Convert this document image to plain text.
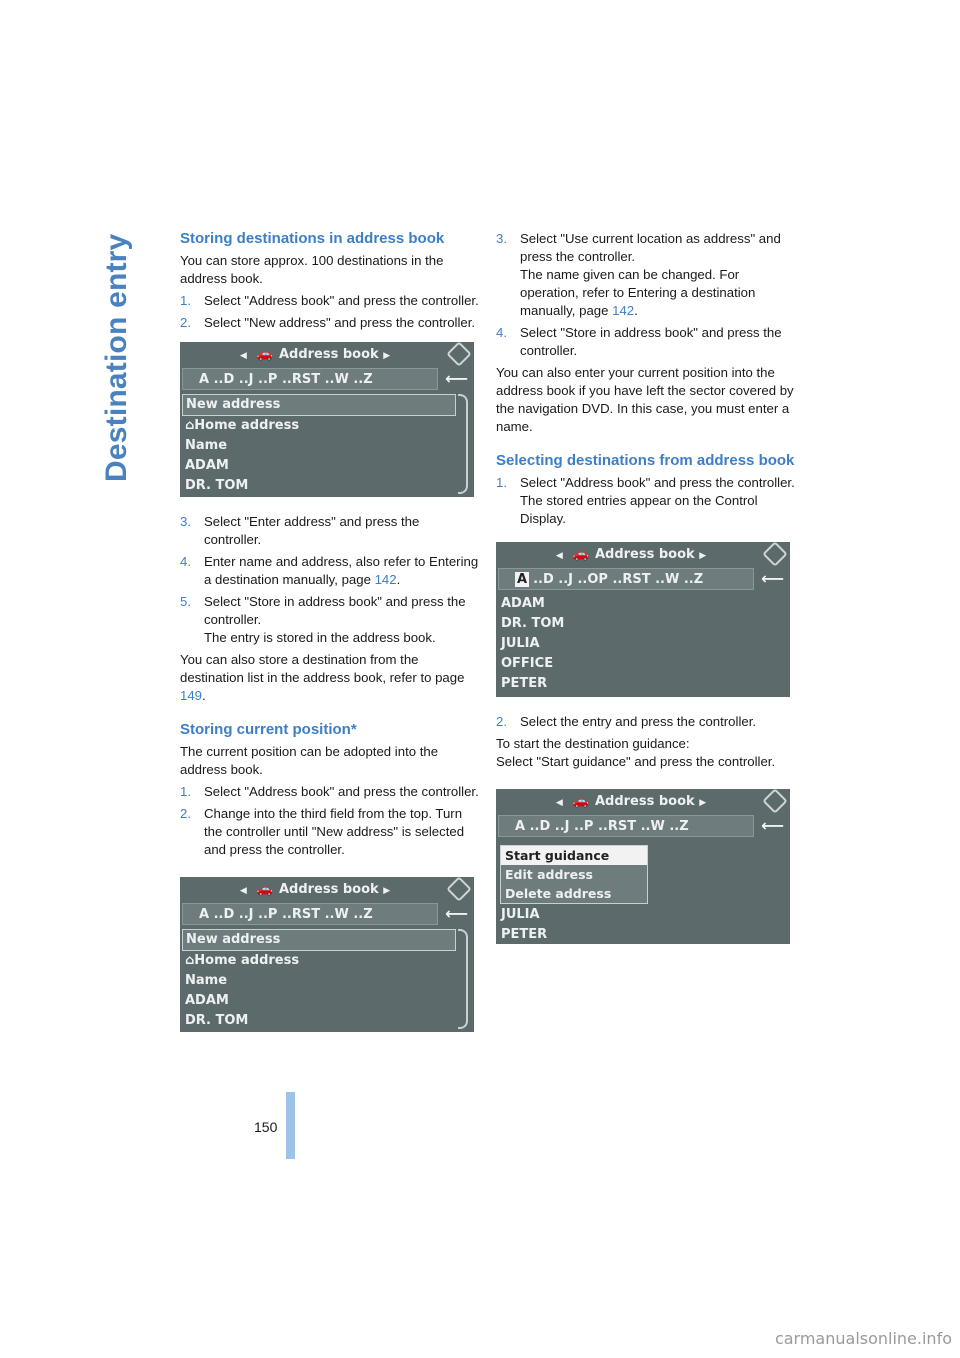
Destination entry	Storing destinations in address book

You can store approx. 100 destinations in the address book.

1. Select "Address book" and press the controller.
2. Select "New address" and press the controller.
◀ 🚗 Address book ▶
A ..D ..J ..P ..RST ..W ..Z	⟵
New address
⌂Home address
Name
ADAM
DR. TOM
3. Select "Enter address" and press the controller.
4. Enter name and address, also refer to Entering a destination manually, page 142.
5. Select "Store in address book" and press the controller.
The entry is stored in the address book.

You can also store a destination from the destination list in the address book, refer to page 149.

Storing current position*

The current position can be adopted into the address book.

1. Select "Address book" and press the controller.
2. Change into the third field from the top. Turn the controller until "New address" is selected and press the controller.
◀ 🚗 Address book ▶
A ..D ..J ..P ..RST ..W ..Z	⟵
New address
⌂Home address
Name
ADAM
DR. TOM
3. Select "Use current location as address" and press the controller.
The name given can be changed. For operation, refer to Entering a destination manually, page 142.
4. Select "Store in address book" and press the controller.

You can also enter your current position into the address book if you have left the sector covered by the navigation DVD. In this case, you must enter a name.

Selecting destinations from address book
1. Select "Address book" and press the controller.
The stored entries appear on the Control Display.
◀ 🚗 Address book ▶
A ..D ..J ..OP ..RST ..W ..Z	⟵
ADAM
DR. TOM
JULIA
OFFICE
PETER
2. Select the entry and press the controller.

To start the destination guidance:

Select "Start guidance" and press the controller.

◀ 🚗 Address book ▶
A ..D ..J ..P ..RST ..W ..Z	⟵
Start guidance
Edit address
Delete address
JULIA
PETER
150
carmanualsonline.info
